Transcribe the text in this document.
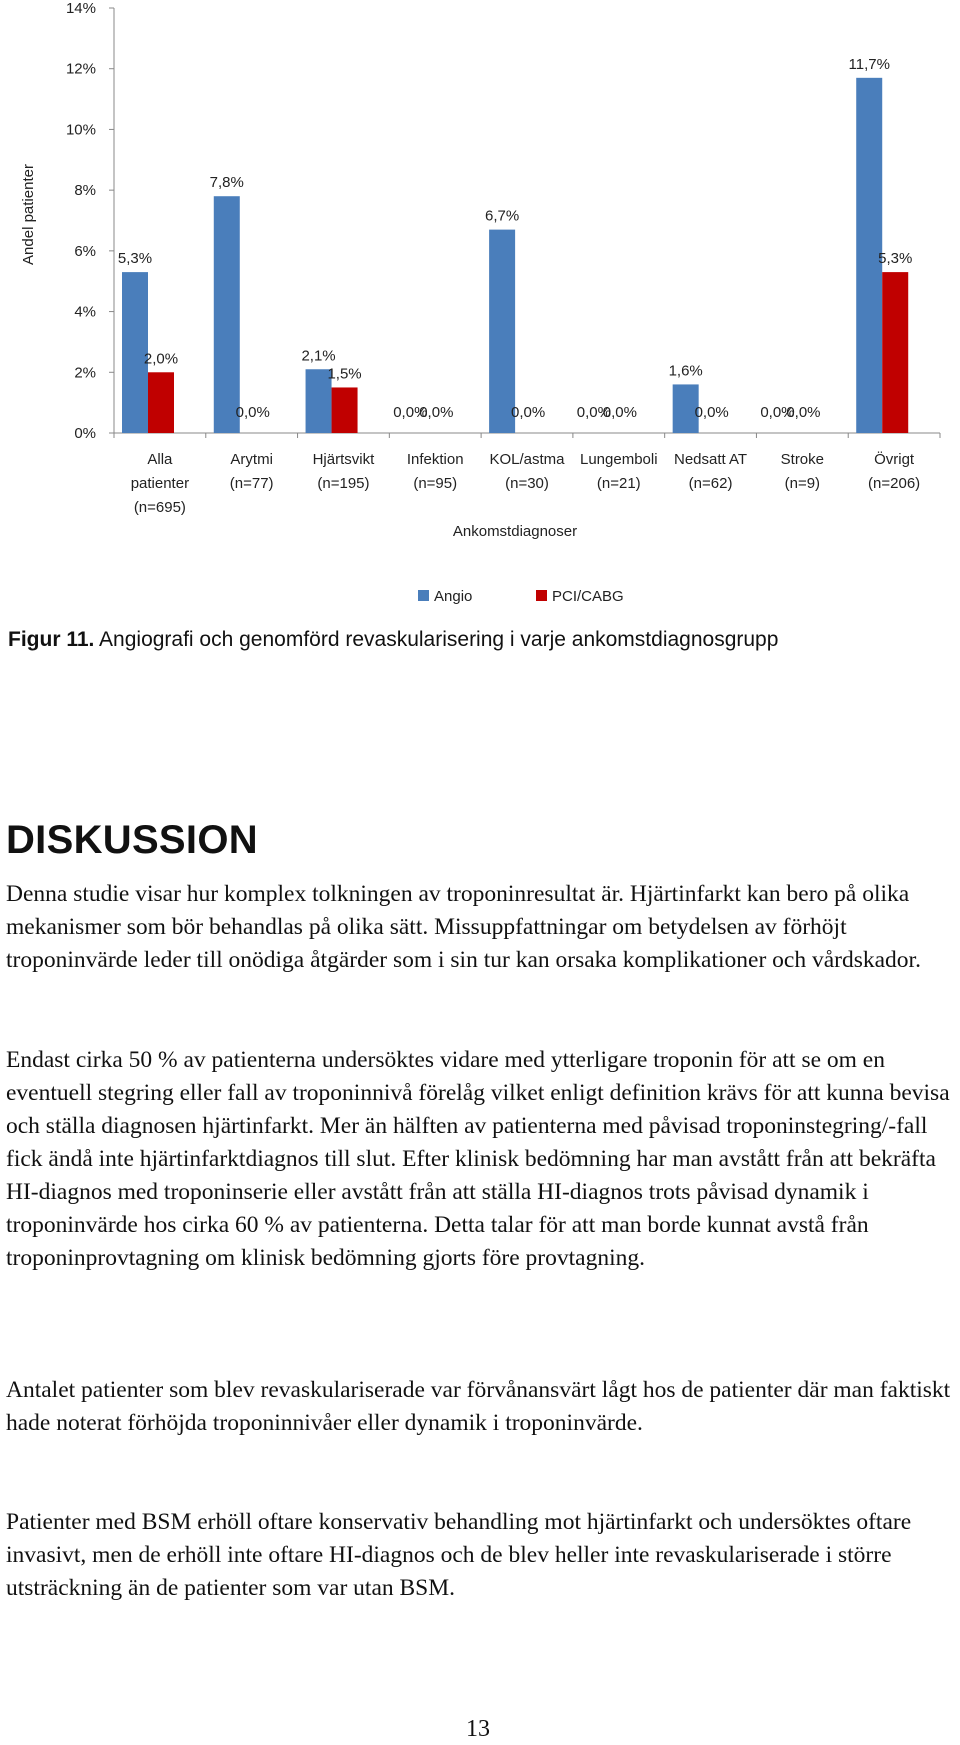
0%
2%
4%
6%
8%
10%
12%
14%
Andel patienter
Alla
patienter
(n=695)
Arytmi
(n=77)
Hjärtsvikt
(n=195)
Infektion
(n=95)
KOL/astma
(n=30)
Lungemboli
(n=21)
Nedsatt AT
(n=62)
Stroke
(n=9)
Övrigt
(n=206)
Ankomstdiagnoser
5,3%
7,8%
2,1%
0,0%
6,7%
0,0%
1,6%
0,0%
11,7%
2,0%
0,0%
1,5%
0,0%	0,0%	0,0%	0,0%	0,0%
5,3%
Angio	PCI/CABG
Figur 11. Angiografi och genomförd revaskularisering i varje ankomstdiagnosgrupp
DISKUSSION

Denna studie visar hur komplex tolkningen av troponinresultat är. Hjärtinfarkt kan bero på olika mekanismer som bör behandlas på olika sätt. Missuppfattningar om betydelsen av förhöjt troponinvärde leder till onödiga åtgärder som i sin tur kan orsaka komplikationer och vårdskador.

Endast cirka 50 % av patienterna undersöktes vidare med ytterligare troponin för att se om en eventuell stegring eller fall av troponinnivå förelåg vilket enligt definition krävs för att kunna bevisa och ställa diagnosen hjärtinfarkt. Mer än hälften av patienterna med påvisad troponinstegring/-fall fick ändå inte hjärtinfarktdiagnos till slut. Efter klinisk bedömning har man avstått från att bekräfta HI-diagnos med troponinserie eller avstått från att ställa HI-diagnos trots påvisad dynamik i troponinvärde hos cirka 60 % av patienterna. Detta talar för att man borde kunnat avstå från troponinprovtagning om klinisk bedömning gjorts före provtagning.

Antalet patienter som blev revaskulariserade var förvånansvärt lågt hos de patienter där man faktiskt hade noterat förhöjda troponinnivåer eller dynamik i troponinvärde.

Patienter med BSM erhöll oftare konservativ behandling mot hjärtinfarkt och undersöktes oftare invasivt, men de erhöll inte oftare HI-diagnos och de blev heller inte revaskulariserade i större utsträckning än de patienter som var utan BSM.

13
